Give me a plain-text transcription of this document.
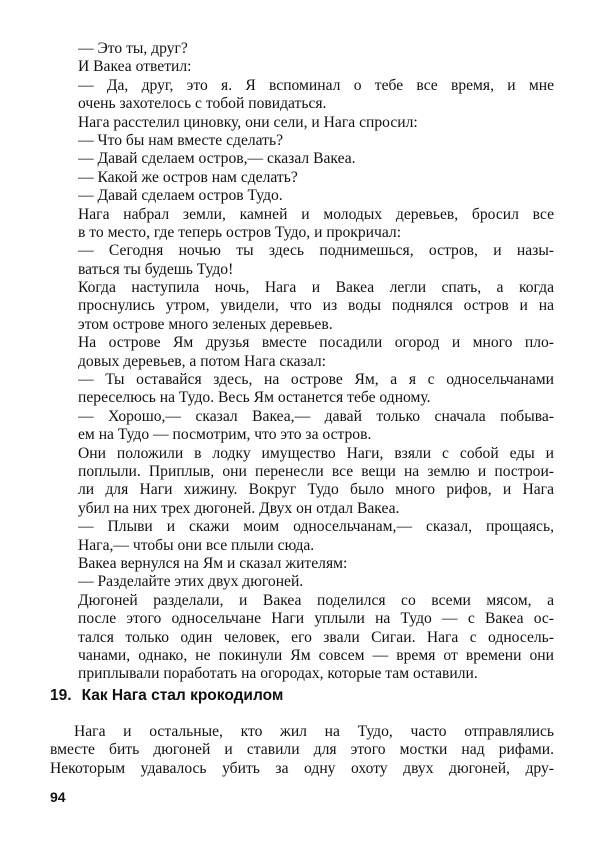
— Это ты, друг?
И Вакеа ответил:
— Да, друг, это я. Я вспоминал о тебе все время, и мне
очень захотелось с тобой повидаться.
Нага расстелил циновку, они сели, и Нага спросил:
— Что бы нам вместе сделать?
— Давай сделаем остров,— сказал Вакеа.
— Какой же остров нам сделать?
— Давай сделаем остров Тудо.
Нага набрал земли, камней и молодых деревьев, бросил все
в то место, где теперь остров Тудо, и прокричал:
— Сегодня ночью ты здесь поднимешься, остров, и назы-
ваться ты будешь Тудо!
Когда наступила ночь, Нага и Вакеа легли спать, а когда
проснулись утром, увидели, что из воды поднялся остров и на
этом острове много зеленых деревьев.
На острове Ям друзья вместе посадили огород и много пло-
довых деревьев, а потом Нага сказал:
— Ты оставайся здесь, на острове Ям, а я с односельчанами
переселюсь на Тудо. Весь Ям останется тебе одному.
— Хорошо,— сказал Вакеа,— давай только сначала побыва-
ем на Тудо — посмотрим, что это за остров.
Они положили в лодку имущество Наги, взяли с собой еды и
поплыли. Приплыв, они перенесли все вещи на землю и построи-
ли для Наги хижину. Вокруг Тудо было много рифов, и Нага
убил на них трех дюгоней. Двух он отдал Вакеа.
— Плыви и скажи моим односельчанам,— сказал, прощаясь,
Нага,— чтобы они все плыли сюда.
Вакеа вернулся на Ям и сказал жителям:
— Разделайте этих двух дюгоней.
Дюгоней разделали, и Вакеа поделился со всеми мясом, а
после этого односельчане Наги уплыли на Тудо — с Вакеа ос-
тался только один человек, его звали Сигаи. Нага с односель-
чанами, однако, не покинули Ям совсем — время от времени они
приплывали поработать на огородах, которые там оставили.
19. Как Нага стал крокодилом
Нага и остальные, кто жил на Тудо, часто отправлялись
вместе бить дюгоней и ставили для этого мостки над рифами.
Некоторым удавалось убить за одну охоту двух дюгоней, дру-
94
